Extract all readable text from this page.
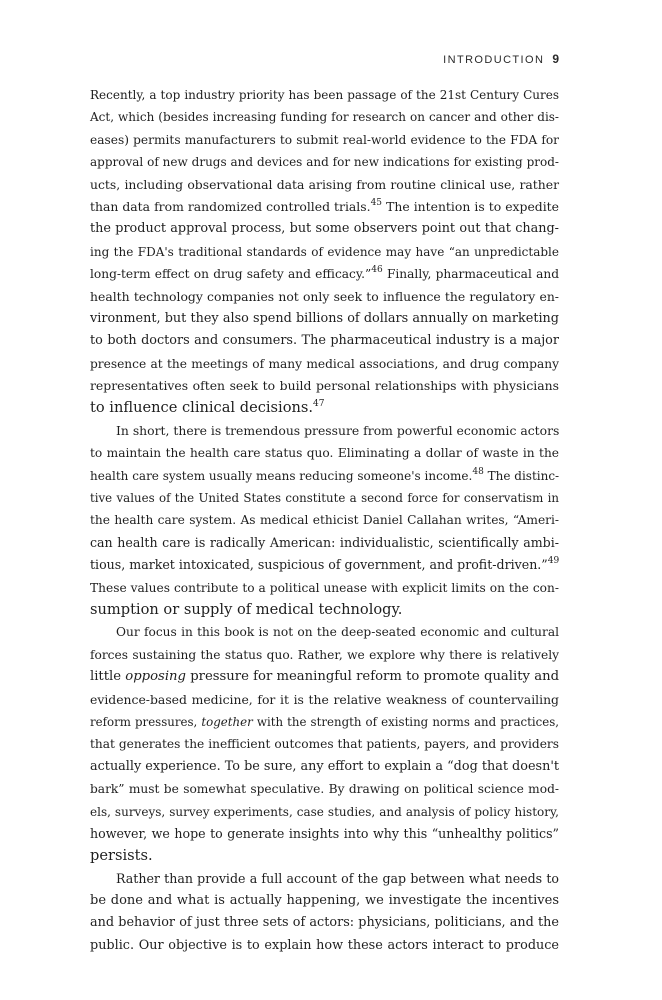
INTRODUCTION 9
Recently, a top industry priority has been passage of the 21st Century Cures
Act, which (besides increasing funding for research on cancer and other dis-
eases) permits manufacturers to submit real-world evidence to the FDA for
approval of new drugs and devices and for new indications for existing prod-
ucts, including observational data arising from routine clinical use, rather
than data from randomized controlled trials.$^{45}$ The intention is to expedite
the product approval process, but some observers point out that chang-
ing the FDA's traditional standards of evidence may have “an unpredictable
long-term effect on drug safety and efficacy.”$^{46}$ Finally, pharmaceutical and
health technology companies not only seek to influence the regulatory en-
vironment, but they also spend billions of dollars annually on marketing
to both doctors and consumers. The pharmaceutical industry is a major
presence at the meetings of many medical associations, and drug company
representatives often seek to build personal relationships with physicians
to influence clinical decisions.$^{47}$
In short, there is tremendous pressure from powerful economic actors
to maintain the health care status quo. Eliminating a dollar of waste in the
health care system usually means reducing someone's income.$^{48}$ The distinc-
tive values of the United States constitute a second force for conservatism in
the health care system. As medical ethicist Daniel Callahan writes, “Ameri-
can health care is radically American: individualistic, scientifically ambi-
tious, market intoxicated, suspicious of government, and profit-driven.”$^{49}$
These values contribute to a political unease with explicit limits on the con-
sumption or supply of medical technology.
Our focus in this book is not on the deep-seated economic and cultural
forces sustaining the status quo. Rather, we explore why there is relatively
little opposing pressure for meaningful reform to promote quality and
evidence-based medicine, for it is the relative weakness of countervailing
reform pressures, together with the strength of existing norms and practices,
that generates the inefficient outcomes that patients, payers, and providers
actually experience. To be sure, any effort to explain a “dog that doesn't
bark” must be somewhat speculative. By drawing on political science mod-
els, surveys, survey experiments, case studies, and analysis of policy history,
however, we hope to generate insights into why this “unhealthy politics”
persists.
Rather than provide a full account of the gap between what needs to
be done and what is actually happening, we investigate the incentives
and behavior of just three sets of actors: physicians, politicians, and the
public. Our objective is to explain how these actors interact to produce
